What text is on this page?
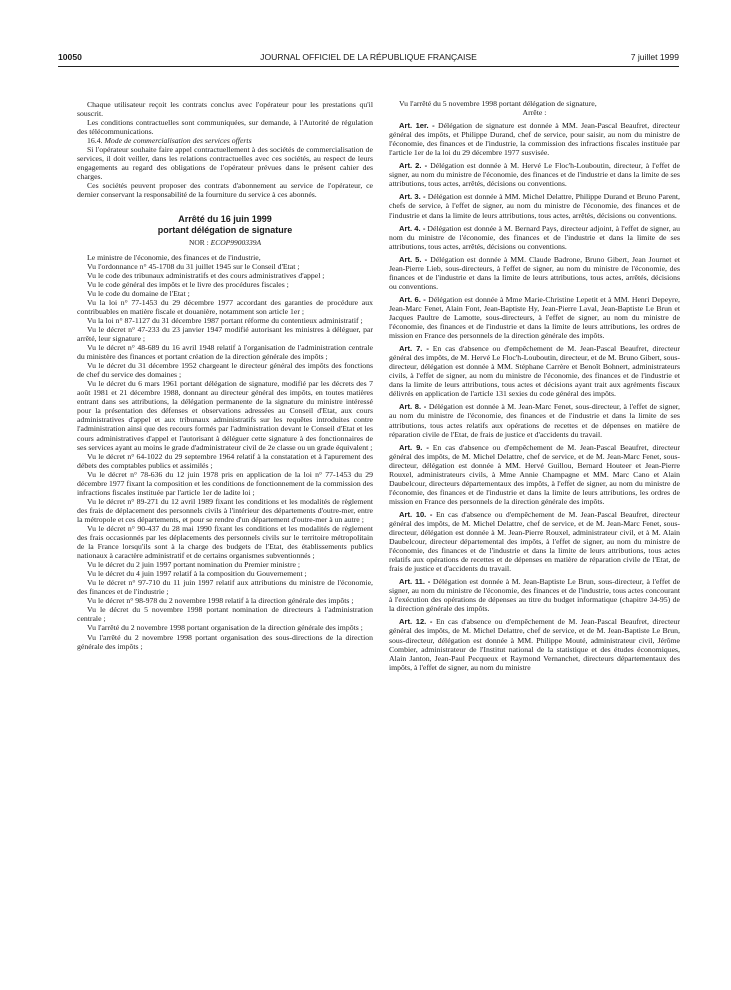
10050	JOURNAL OFFICIEL DE LA RÉPUBLIQUE FRANÇAISE	7 juillet 1999

Chaque utilisateur reçoit les contrats conclus avec l'opérateur pour les prestations qu'il souscrit.

Les conditions contractuelles sont communiquées, sur demande, à l'Autorité de régulation des télécommunications.

16.4. Mode de commercialisation des services offerts

Si l'opérateur souhaite faire appel contractuellement à des sociétés de commercialisation de services, il doit veiller, dans les relations contractuelles avec ces sociétés, au respect de leurs engagements au regard des obligations de l'opérateur prévues dans le présent cahier des charges.

Ces sociétés peuvent proposer des contrats d'abonnement au service de l'opérateur, ce dernier conservant la responsabilité de la fourniture du service à ces abonnés.

Arrêté du 16 juin 1999
portant délégation de signature
NOR : ECOP9900339A

Le ministre de l'économie, des finances et de l'industrie,

Vu l'ordonnance n° 45-1708 du 31 juillet 1945 sur le Conseil d'Etat ;

Vu le code des tribunaux administratifs et des cours administratives d'appel ;

Vu le code général des impôts et le livre des procédures fiscales ;

Vu le code du domaine de l'Etat ;

Vu la loi n° 77-1453 du 29 décembre 1977 accordant des garanties de procédure aux contribuables en matière fiscale et douanière, notamment son article 1er ;

Vu la loi n° 87-1127 du 31 décembre 1987 portant réforme du contentieux administratif ;

Vu le décret n° 47-233 du 23 janvier 1947 modifié autorisant les ministres à déléguer, par arrêté, leur signature ;

Vu le décret n° 48-689 du 16 avril 1948 relatif à l'organisation de l'administration centrale du ministère des finances et portant création de la direction générale des impôts ;

Vu le décret du 31 décembre 1952 chargeant le directeur général des impôts des fonctions de chef du service des domaines ;

Vu le décret du 6 mars 1961 portant délégation de signature, modifié par les décrets des 7 août 1981 et 21 décembre 1988, donnant au directeur général des impôts, en toutes matières entrant dans ses attributions, la délégation permanente de la signature du ministre intéressé pour la présentation des défenses et observations adressées au Conseil d'Etat, aux cours administratives d'appel et aux tribunaux administratifs sur les requêtes introduites contre l'administration ainsi que des recours formés par l'administration devant le Conseil d'Etat et les cours administratives d'appel et l'autorisant à déléguer cette signature à des fonctionnaires de ses services ayant au moins le grade d'administrateur civil de 2e classe ou un grade équivalent ;

Vu le décret n° 64-1022 du 29 septembre 1964 relatif à la constatation et à l'apurement des débets des comptables publics et assimilés ;

Vu le décret n° 78-636 du 12 juin 1978 pris en application de la loi n° 77-1453 du 29 décembre 1977 fixant la composition et les conditions de fonctionnement de la commission des infractions fiscales instituée par l'article 1er de ladite loi ;

Vu le décret n° 89-271 du 12 avril 1989 fixant les conditions et les modalités de règlement des frais de déplacement des personnels civils à l'intérieur des départements d'outre-mer, entre la métropole et ces départements, et pour se rendre d'un département d'outre-mer à un autre ;

Vu le décret n° 90-437 du 28 mai 1990 fixant les conditions et les modalités de règlement des frais occasionnés par les déplacements des personnels civils sur le territoire métropolitain de la France lorsqu'ils sont à la charge des budgets de l'Etat, des établissements publics nationaux à caractère administratif et de certains organismes subventionnés ;

Vu le décret du 2 juin 1997 portant nomination du Premier ministre ;

Vu le décret du 4 juin 1997 relatif à la composition du Gouvernement ;

Vu le décret n° 97-710 du 11 juin 1997 relatif aux attributions du ministre de l'économie, des finances et de l'industrie ;

Vu le décret n° 98-978 du 2 novembre 1998 relatif à la direction générale des impôts ;

Vu le décret du 5 novembre 1998 portant nomination de directeurs à l'administration centrale ;

Vu l'arrêté du 2 novembre 1998 portant organisation de la direction générale des impôts ;

Vu l'arrêté du 2 novembre 1998 portant organisation des sous-directions de la direction générale des impôts ;

Vu l'arrêté du 5 novembre 1998 portant délégation de signature,

Arrête :

Art. 1er. - Délégation de signature est donnée à MM. Jean-Pascal Beaufret, directeur général des impôts, et Philippe Durand, chef de service, pour saisir, au nom du ministre de l'économie, des finances et de l'industrie, la commission des infractions fiscales instituée par l'article 1er de la loi du 29 décembre 1977 susvisée.

Art. 2. - Délégation est donnée à M. Hervé Le Floc'h-Louboutin, directeur, à l'effet de signer, au nom du ministre de l'économie, des finances et de l'industrie et dans la limite de ses attributions, tous actes, arrêtés, décisions ou conventions.

Art. 3. - Délégation est donnée à MM. Michel Delattre, Philippe Durand et Bruno Parent, chefs de service, à l'effet de signer, au nom du ministre de l'économie, des finances et de l'industrie et dans la limite de leurs attributions, tous actes, arrêtés, décisions ou conventions.

Art. 4. - Délégation est donnée à M. Bernard Pays, directeur adjoint, à l'effet de signer, au nom du ministre de l'économie, des finances et de l'industrie et dans la limite de ses attributions, tous actes, arrêtés, décisions ou conventions.

Art. 5. - Délégation est donnée à MM. Claude Badrone, Bruno Gibert, Jean Journet et Jean-Pierre Lieb, sous-directeurs, à l'effet de signer, au nom du ministre de l'économie, des finances et de l'industrie et dans la limite de leurs attributions, tous actes, arrêtés, décisions ou conventions.

Art. 6. - Délégation est donnée à Mme Marie-Christine Lepetit et à MM. Henri Depeyre, Jean-Marc Fenet, Alain Font, Jean-Baptiste Hy, Jean-Pierre Laval, Jean-Baptiste Le Brun et Jacques Paultre de Lamotte, sous-directeurs, à l'effet de signer, au nom du ministre de l'économie, des finances et de l'industrie et dans la limite de leurs attributions, les ordres de mission en France des personnels de la direction générale des impôts.

Art. 7. - En cas d'absence ou d'empêchement de M. Jean-Pascal Beaufret, directeur général des impôts, de M. Hervé Le Floc'h-Louboutin, directeur, et de M. Bruno Gibert, sous-directeur, délégation est donnée à MM. Stéphane Carrère et Benoît Bohnert, administrateurs civils, à l'effet de signer, au nom du ministre de l'économie, des finances et de l'industrie et dans la limite de leurs attributions, tous actes et décisions ayant trait aux agréments fiscaux délivrés en application de l'article 131 sexies du code général des impôts.

Art. 8. - Délégation est donnée à M. Jean-Marc Fenet, sous-directeur, à l'effet de signer, au nom du ministre de l'économie, des finances et de l'industrie et dans la limite de ses attributions, tous actes relatifs aux opérations de recettes et de dépenses en matière de réparation civile de l'Etat, de frais de justice et d'accidents du travail.

Art. 9. - En cas d'absence ou d'empêchement de M. Jean-Pascal Beaufret, directeur général des impôts, de M. Michel Delattre, chef de service, et de M. Jean-Marc Fenet, sous-directeur, délégation est donnée à MM. Hervé Guillou, Bernard Houteer et Jean-Pierre Rouxel, administrateurs civils, à Mme Annie Champagne et MM. Marc Cano et Alain Daubelcour, directeurs départementaux des impôts, à l'effet de signer, au nom du ministre de l'économie, des finances et de l'industrie et dans la limite de leurs attributions, les ordres de mission en France des personnels de la direction générale des impôts.

Art. 10. - En cas d'absence ou d'empêchement de M. Jean-Pascal Beaufret, directeur général des impôts, de M. Michel Delattre, chef de service, et de M. Jean-Marc Fenet, sous-directeur, délégation est donnée à M. Jean-Pierre Rouxel, administrateur civil, et à M. Alain Daubelcour, directeur départemental des impôts, à l'effet de signer, au nom du ministre de l'économie, des finances et de l'industrie et dans la limite de leurs attributions, tous actes relatifs aux opérations de recettes et de dépenses en matière de réparation civile de l'Etat, de frais de justice et d'accidents du travail.

Art. 11. - Délégation est donnée à M. Jean-Baptiste Le Brun, sous-directeur, à l'effet de signer, au nom du ministre de l'économie, des finances et de l'industrie, tous actes concourant à l'exécution des opérations de dépenses au titre du budget informatique (chapitre 34-95) de la direction générale des impôts.

Art. 12. - En cas d'absence ou d'empêchement de M. Jean-Pascal Beaufret, directeur général des impôts, de M. Michel Delattre, chef de service, et de M. Jean-Baptiste Le Brun, sous-directeur, délégation est donnée à MM. Philippe Mouté, administrateur civil, Jérôme Combier, administrateur de l'Institut national de la statistique et des études économiques, Alain Janton, Jean-Paul Pecqueux et Raymond Vernanchet, directeurs départementaux des impôts, à l'effet de signer, au nom du ministre
